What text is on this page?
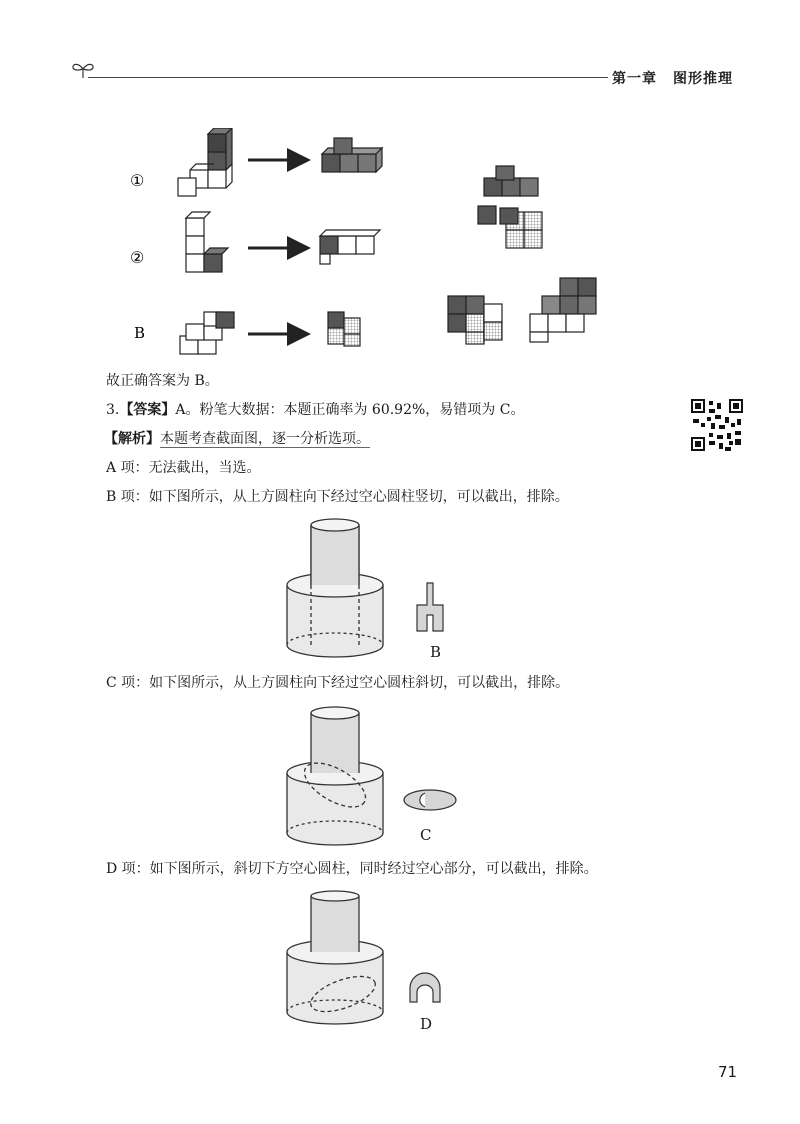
第一章 图形推理
①
②
B
故正确答案为 B。
3.【答案】A。粉笔大数据：本题正确率为 60.92%，易错项为 C。
【解析】本题考查截面图，逐一分析选项。
A 项：无法截出，当选。
B 项：如下图所示，从上方圆柱向下经过空心圆柱竖切，可以截出，排除。
B
C 项：如下图所示，从上方圆柱向下经过空心圆柱斜切，可以截出，排除。
C
D 项：如下图所示，斜切下方空心圆柱，同时经过空心部分，可以截出，排除。
D
71
